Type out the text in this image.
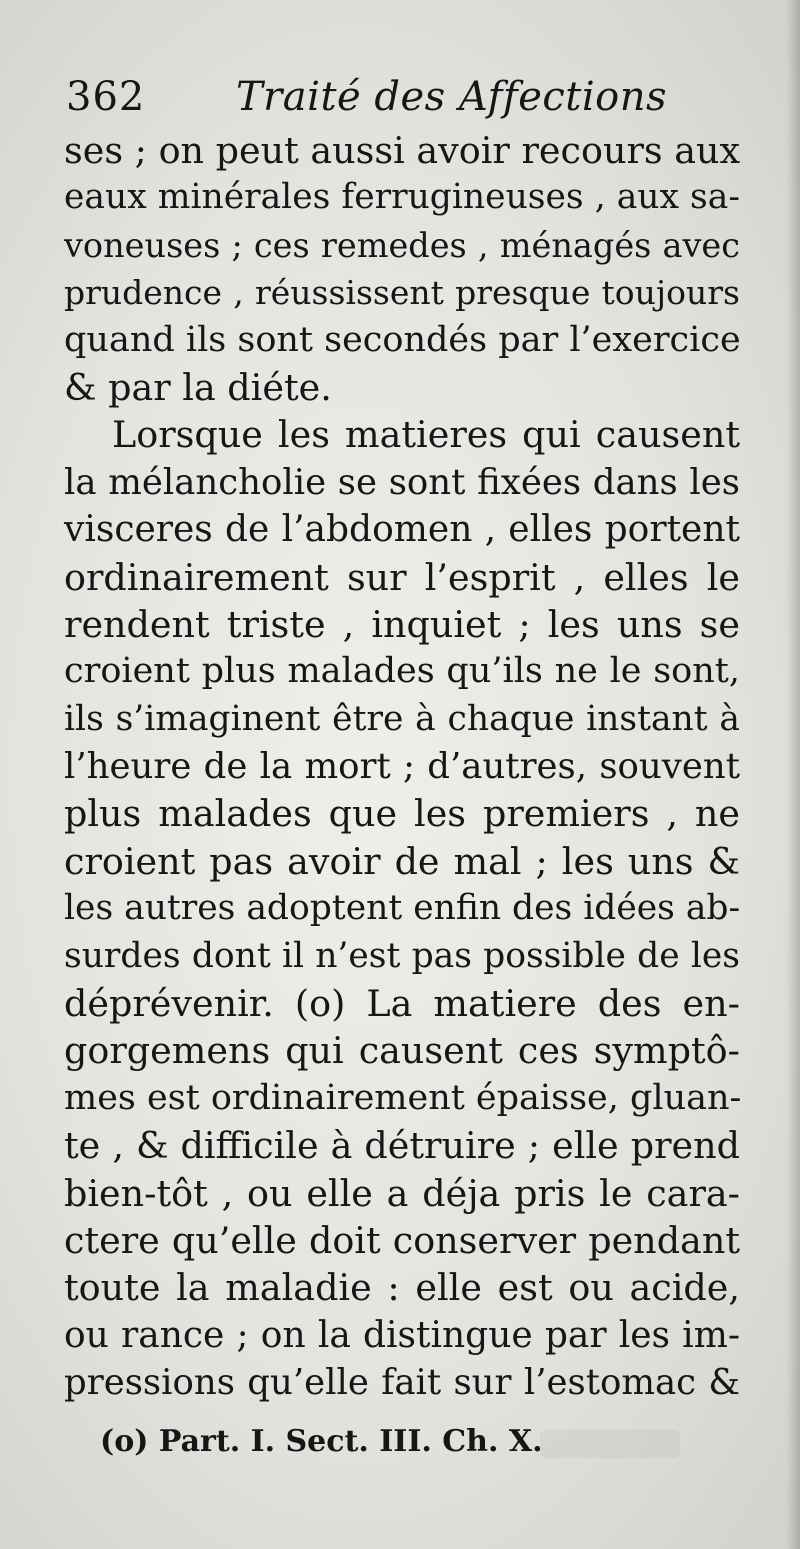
362 Traité des Affections
ses ; on peut aussi avoir recours aux
eaux minérales ferrugineuses , aux sa-
voneuses ; ces remedes , ménagés avec
prudence , réussissent presque toujours
quand ils sont secondés par l’exercice
& par la diéte.
Lorsque les matieres qui causent
la mélancholie se sont fixées dans les
visceres de l’abdomen , elles portent
ordinairement sur l’esprit , elles le
rendent triste , inquiet ; les uns se
croient plus malades qu’ils ne le sont,
ils s’imaginent être à chaque instant à
l’heure de la mort ; d’autres, souvent
plus malades que les premiers , ne
croient pas avoir de mal ; les uns &
les autres adoptent enfin des idées ab-
surdes dont il n’est pas possible de les
déprévenir. (o) La matiere des en-
gorgemens qui causent ces symptô-
mes est ordinairement épaisse, gluan-
te , & difficile à détruire ; elle prend
bien-tôt , ou elle a déja pris le cara-
ctere qu’elle doit conserver pendant
toute la maladie : elle est ou acide,
ou rance ; on la distingue par les im-
pressions qu’elle fait sur l’estomac &
(o) Part. I. Sect. III. Ch. X.
